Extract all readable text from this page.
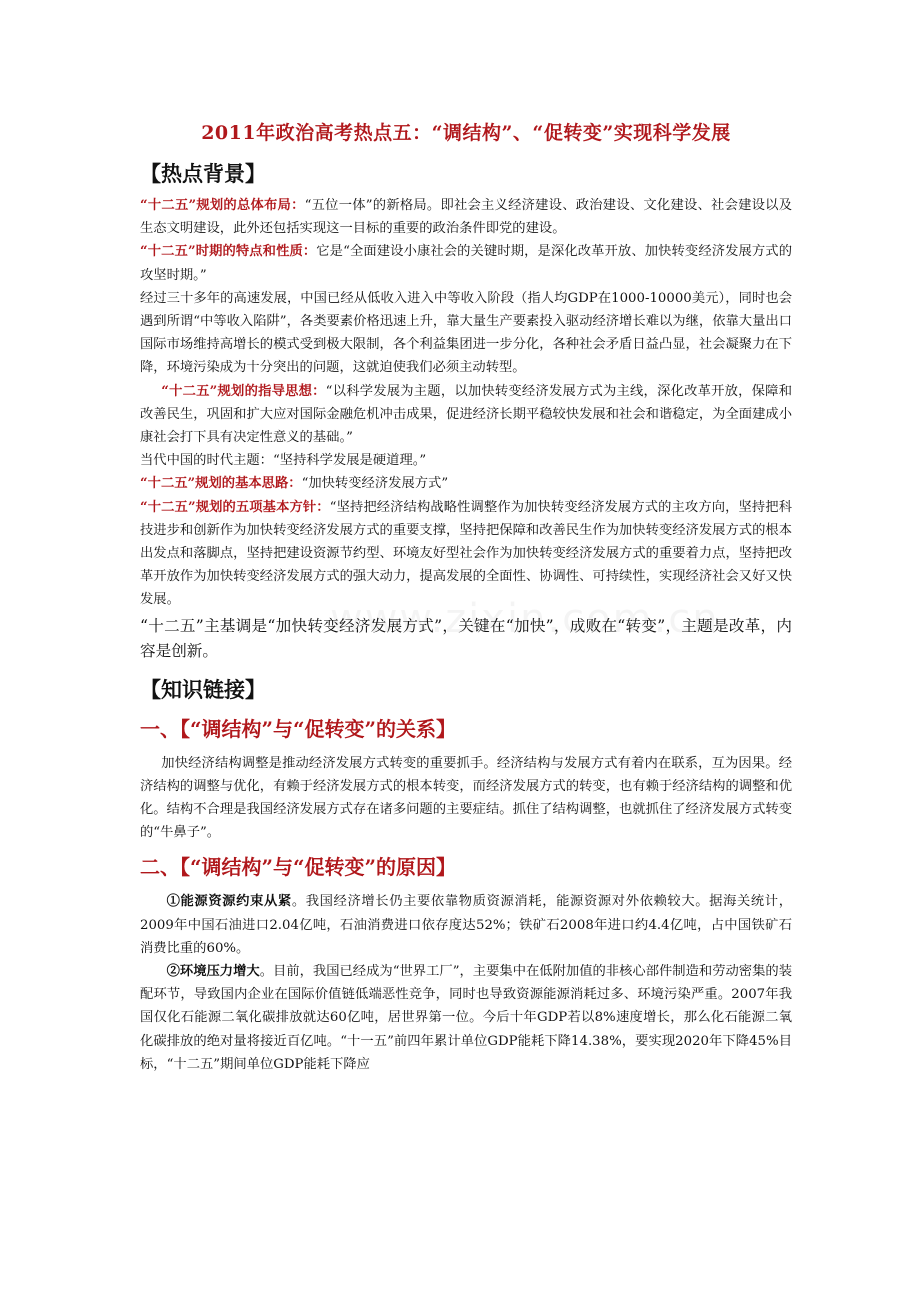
2011年政治高考热点五：“调结构”、“促转变”实现科学发展
【热点背景】

“十二五”规划的总体布局：“五位一体”的新格局。即社会主义经济建设、政治建设、文化建设、社会建设以及生态文明建设，此外还包括实现这一目标的重要的政治条件即党的建设。

“十二五”时期的特点和性质：它是“全面建设小康社会的关键时期，是深化改革开放、加快转变经济发展方式的攻坚时期。”

经过三十多年的高速发展，中国已经从低收入进入中等收入阶段（指人均GDP在1000-10000美元），同时也会遇到所谓“中等收入陷阱”，各类要素价格迅速上升，靠大量生产要素投入驱动经济增长难以为继，依靠大量出口国际市场维持高增长的模式受到极大限制，各个利益集团进一步分化，各种社会矛盾日益凸显，社会凝聚力在下降，环境污染成为十分突出的问题，这就迫使我们必须主动转型。

“十二五”规划的指导思想：“以科学发展为主题，以加快转变经济发展方式为主线，深化改革开放，保障和改善民生，巩固和扩大应对国际金融危机冲击成果，促进经济长期平稳较快发展和社会和谐稳定，为全面建成小康社会打下具有决定性意义的基础。”

当代中国的时代主题：“坚持科学发展是硬道理。”

“十二五”规划的基本思路：“加快转变经济发展方式”

“十二五”规划的五项基本方针：“坚持把经济结构战略性调整作为加快转变经济发展方式的主攻方向，坚持把科技进步和创新作为加快转变经济发展方式的重要支撑，坚持把保障和改善民生作为加快转变经济发展方式的根本出发点和落脚点，坚持把建设资源节约型、环境友好型社会作为加快转变经济发展方式的重要着力点，坚持把改革开放作为加快转变经济发展方式的强大动力，提高发展的全面性、协调性、可持续性，实现经济社会又好又快发展。

“十二五”主基调是“加快转变经济发展方式”，关键在“加快”，成败在“转变”，主题是改革，内容是创新。

【知识链接】
一、【“调结构”与“促转变”的关系】

加快经济结构调整是推动经济发展方式转变的重要抓手。经济结构与发展方式有着内在联系，互为因果。经济结构的调整与优化，有赖于经济发展方式的根本转变，而经济发展方式的转变，也有赖于经济结构的调整和优化。结构不合理是我国经济发展方式存在诸多问题的主要症结。抓住了结构调整，也就抓住了经济发展方式转变的“牛鼻子”。

二、【“调结构”与“促转变”的原因】

①能源资源约束从紧。我国经济增长仍主要依靠物质资源消耗，能源资源对外依赖较大。据海关统计，2009年中国石油进口2.04亿吨，石油消费进口依存度达52%；铁矿石2008年进口约4.4亿吨，占中国铁矿石消费比重的60%。

②环境压力增大。目前，我国已经成为“世界工厂”，主要集中在低附加值的非核心部件制造和劳动密集的装配环节，导致国内企业在国际价值链低端恶性竞争，同时也导致资源能源消耗过多、环境污染严重。2007年我国仅化石能源二氧化碳排放就达60亿吨，居世界第一位。今后十年GDP若以8%速度增长，那么化石能源二氧化碳排放的绝对量将接近百亿吨。“十一五”前四年累计单位GDP能耗下降14.38%，要实现2020年下降45%目标，“十二五”期间单位GDP能耗下降应
